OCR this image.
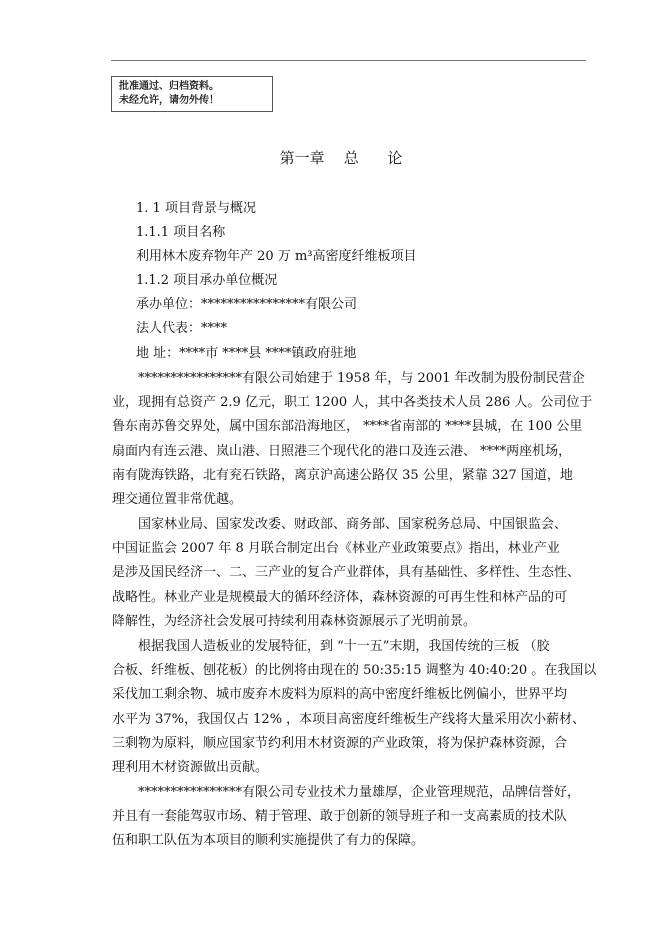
批准通过、归档资料。
未经允许，请勿外传！
第一章    总      论
1. 1 项目背景与概况
1.1.1 项目名称
利用林木废弃物年产 20 万 m³高密度纤维板项目
1.1.2 项目承办单位概况
承办单位：****************有限公司
法人代表：****
地 址：****市 ****县 ****镇政府驻地
****************有限公司始建于 1958 年，与 2001 年改制为股份制民营企
业，现拥有总资产 2.9 亿元，职工 1200 人，其中各类技术人员 286 人。公司位于
鲁东南苏鲁交界处，属中国东部沿海地区， ****省南部的 ****县城，在 100 公里
扇面内有连云港、岚山港、日照港三个现代化的港口及连云港、 ****两座机场，
南有陇海铁路，北有兖石铁路，离京沪高速公路仅 35 公里，紧靠 327 国道，地
理交通位置非常优越。
国家林业局、国家发改委、财政部、商务部、国家税务总局、中国银监会、
中国证监会 2007 年 8 月联合制定出台《林业产业政策要点》指出，林业产业
是涉及国民经济一、二、三产业的复合产业群体，具有基础性、多样性、生态性、
战略性。林业产业是规模最大的循环经济体，森林资源的可再生性和林产品的可
降解性，为经济社会发展可持续利用森林资源展示了光明前景。
根据我国人造板业的发展特征，到 “十一五”末期，我国传统的三板 （胶
合板、纤维板、刨花板）的比例将由现在的 50:35:15 调整为 40:40:20 。在我国以
采伐加工剩余物、城市废弃木废料为原料的高中密度纤维板比例偏小，世界平均
水平为 37%，我国仅占 12% ，本项目高密度纤维板生产线将大量采用次小薪材、
三剩物为原料，顺应国家节约利用木材资源的产业政策，将为保护森林资源，合
理利用木材资源做出贡献。
****************有限公司专业技术力量雄厚，企业管理规范，品牌信誉好，
并且有一套能驾驭市场、精于管理、敢于创新的领导班子和一支高素质的技术队
伍和职工队伍为本项目的顺利实施提供了有力的保障。
